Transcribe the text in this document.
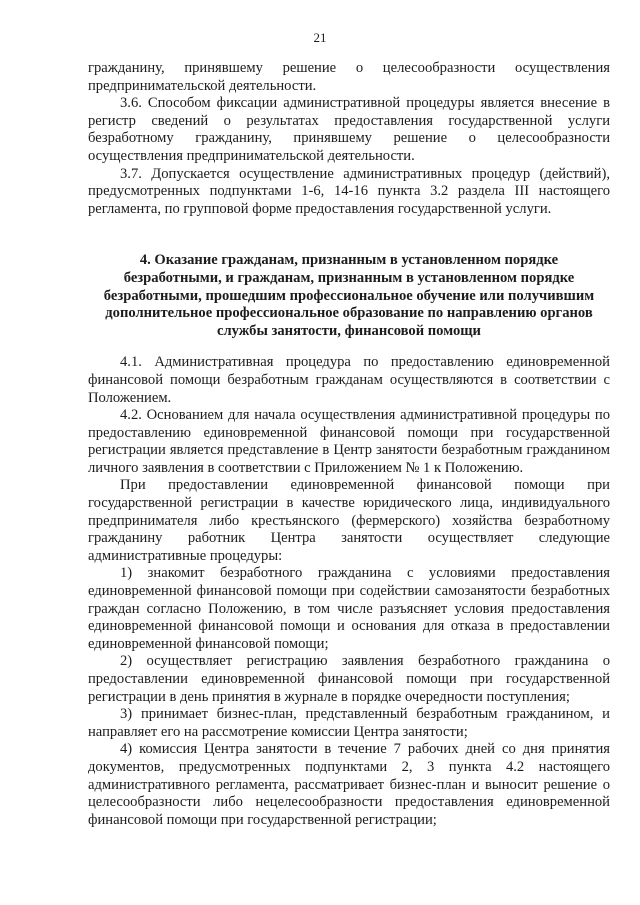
21

гражданину, принявшему решение о целесообразности осуществления предпринимательской деятельности.

3.6. Способом фиксации административной процедуры является внесение в регистр сведений о результатах предоставления государственной услуги безработному гражданину, принявшему решение о целесообразности осуществления предпринимательской деятельности.

3.7. Допускается осуществление административных процедур (действий), предусмотренных подпунктами 1-6, 14-16 пункта 3.2 раздела III настоящего регламента, по групповой форме предоставления государственной услуги.

4. Оказание гражданам, признанным в установленном порядке безработными, и гражданам, признанным в установленном порядке безработными, прошедшим профессиональное обучение или получившим дополнительное профессиональное образование по направлению органов службы занятости, финансовой помощи

4.1. Административная процедура по предоставлению единовременной финансовой помощи безработным гражданам осуществляются в соответствии с Положением.

4.2. Основанием для начала осуществления административной процедуры по предоставлению единовременной финансовой помощи при государственной регистрации является представление в Центр занятости безработным гражданином личного заявления в соответствии с Приложением № 1 к Положению.

При предоставлении единовременной финансовой помощи при государственной регистрации в качестве юридического лица, индивидуального предпринимателя либо крестьянского (фермерского) хозяйства безработному гражданину работник Центра занятости осуществляет следующие административные процедуры:

1) знакомит безработного гражданина с условиями предоставления единовременной финансовой помощи при содействии самозанятости безработных граждан согласно Положению, в том числе разъясняет условия предоставления единовременной финансовой помощи и основания для отказа в предоставлении единовременной финансовой помощи;

2) осуществляет регистрацию заявления безработного гражданина о предоставлении единовременной финансовой помощи при государственной регистрации в день принятия в журнале в порядке очередности поступления;

3) принимает бизнес-план, представленный безработным гражданином, и направляет его на рассмотрение комиссии Центра занятости;

4) комиссия Центра занятости в течение 7 рабочих дней со дня принятия документов, предусмотренных подпунктами 2, 3 пункта 4.2 настоящего административного регламента, рассматривает бизнес-план и выносит решение о целесообразности либо нецелесообразности предоставления единовременной финансовой помощи при государственной регистрации;
